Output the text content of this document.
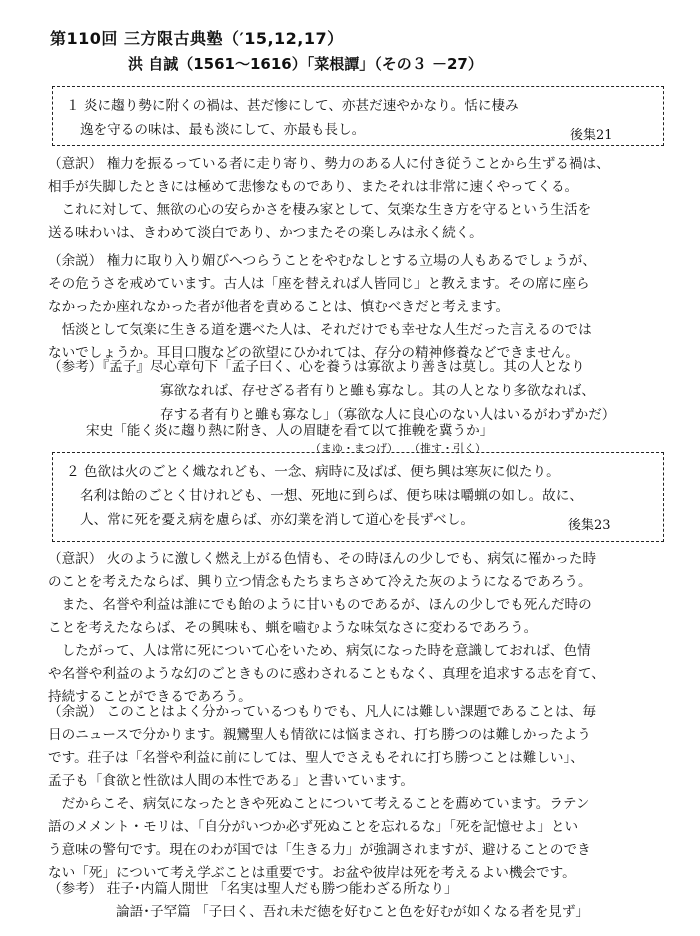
第110回 三方限古典塾（′15,12,17）
洪 自誠（1561〜1616）「菜根譚」（その３ －27）
１ 炎に趨り勢に附くの禍は、甚だ惨にして、亦甚だ速やかなり。恬に棲み
逸を守るの味は、最も淡にして、亦最も長し。	後集21
（意訳） 権力を振るっている者に走り寄り、勢力のある人に付き従うことから生ずる禍は、
相手が失脚したときには極めて悲惨なものであり、またそれは非常に速くやってくる。
　これに対して、無欲の心の安らかさを棲み家として、気楽な生き方を守るという生活を
送る味わいは、きわめて淡白であり、かつまたその楽しみは永く続く。
（余説） 権力に取り入り媚びへつらうことをやむなしとする立場の人もあるでしょうが、
その危うさを戒めています。古人は「座を替えれば人皆同じ」と教えます。その席に座ら
なかったか座れなかった者が他者を責めることは、慎むべきだと考えます。
　恬淡として気楽に生きる道を選べた人は、それだけでも幸せな人生だった言えるのでは
ないでしょうか。耳目口腹などの欲望にひかれては、存分の精神修養などできません。
（参考）『孟子』尽心章句下「孟子曰く、心を養うは寡欲より善きは莫し。其の人となり
寡欲なれば、存せざる者有りと雖も寡なし。其の人となり多欲なれば、
存する者有りと雖も寡なし」（寡欲な人に良心のない人はいるがわずかだ）
宋史「能く炎に趨り熱に附き、人の眉睫を看て以て推輓を冀うか」
（まゆ・まつげ）　　（推す・引く）
２ 色欲は火のごとく熾なれども、一念、病時に及ばば、便ち興は寒灰に似たり。
名利は飴のごとく甘けれども、一想、死地に到らば、便ち味は嚼蝋の如し。故に、
人、常に死を憂え病を慮らば、亦幻業を消して道心を長ずべし。	後集23
（意訳） 火のように激しく燃え上がる色情も、その時ほんの少しでも、病気に罹かった時
のことを考えたならば、興り立つ情念もたちまちさめて冷えた灰のようになるであろう。
　また、名誉や利益は誰にでも飴のように甘いものであるが、ほんの少しでも死んだ時の
ことを考えたならば、その興味も、蝋を嚙むような味気なさに変わるであろう。
　したがって、人は常に死について心をいため、病気になった時を意識しておれば、色情
や名誉や利益のような幻のごときものに惑わされることもなく、真理を追求する志を育て、
持続することができるであろう。
（余説） このことはよく分かっているつもりでも、凡人には難しい課題であることは、毎
日のニュースで分かります。親鸞聖人も情欲には悩まされ、打ち勝つのは難しかったよう
です。荘子は「名誉や利益に前にしては、聖人でさえもそれに打ち勝つことは難しい」、
孟子も「食欲と性欲は人間の本性である」と書いています。
　だからこそ、病気になったときや死ぬことについて考えることを薦めています。ラテン
語のメメント・モリは、「自分がいつか必ず死ぬことを忘れるな」「死を記憶せよ」とい
う意味の警句です。現在のわが国では「生きる力」が強調されますが、避けることのでき
ない「死」について考え学ぶことは重要です。お盆や彼岸は死を考えるよい機会です。
（参考） 荘子･内篇人閒世 「名実は聖人だも勝つ能わざる所なり」
論語･子罕篇 「子曰く、吾れ未だ徳を好むこと色を好むが如くなる者を見ず」
